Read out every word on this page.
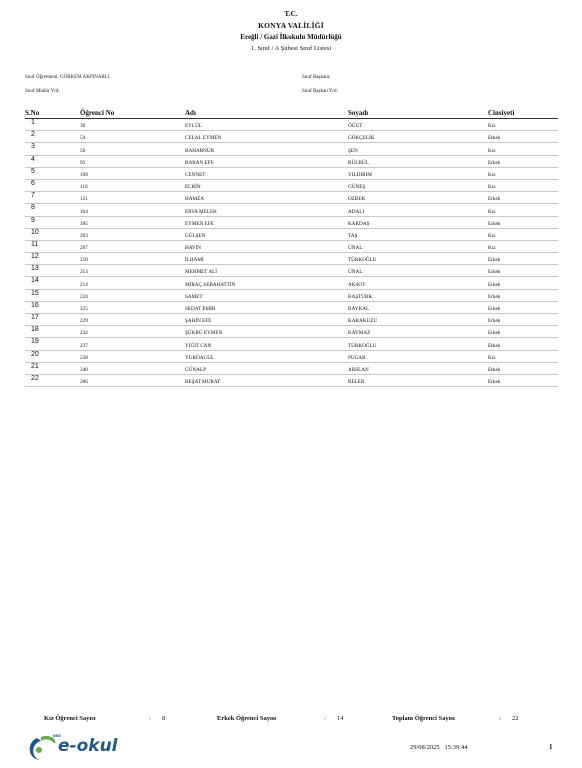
T.C.
KONYA VALİLİĞİ
Ereğli / Gazi İlkokulu Müdürlüğü
1. Sınıf / A Şubesi Sınıf Listesi
Sınıf Öğretmeni: GÖRKEM AKPINARLI	Sınıf Başkanı:
Sınıf Müdür Yrd:	Sınıf Başkan Yrd:
S.No	Öğrenci No	Adı	Soyadı	Cinsiyeti
1	30	EYLÜL	ÖĞÜT	Kız
2	54	CELAL EYMEN	GÖKÇELİK	Erkek
3	56	BAHARNUR	ŞEN	Kız
4	93	BARAN EFE	BÜLBÜL	Erkek
5	109	CENNET	YILDIRIM	Kız
6	110	ECRİN	GÜNEŞ	Kız
7	121	HAMZA	OZBEK	Erkek
8	164	ERVA MELEK	ADALI	Kız
9	185	EYMEN EFE	KARDAŞ	Erkek
10	203	GÜLŞEN	TAŞ	Kız
11	207	HAVİN	ÜNAL	Kız
12	210	İLHAMİ	TÜRKOĞLU	Erkek
13	213	MEHMET ALİ	ÜNAL	Erkek
14	214	MİRAÇ SEBAHATTİN	AKSOY	Erkek
15	224	SAMET	BAŞTÜRK	Erkek
16	225	SEDAT EMİR	BAYKAL	Erkek
17	229	ŞAHİN EFE	KARAKUZU	Erkek
18	232	ŞÜKRÜ EYMEN	KAYMAZ	Erkek
19	237	YİĞİT CAN	TÜRKOĞLU	Erkek
20	238	YURDAGÜL	PUGAR	Kız
21	240	GÜNALP	ARSLAN	Erkek
22	266	REŞAT MURAT	BELER	Erkek
Kız Öğrenci Sayısı	: 8	Erkek Öğrenci Sayısı	: 14	Toplam Öğrenci Sayısı	: 22
MEB
e-okul	29/08/2025 15:39:44	1
